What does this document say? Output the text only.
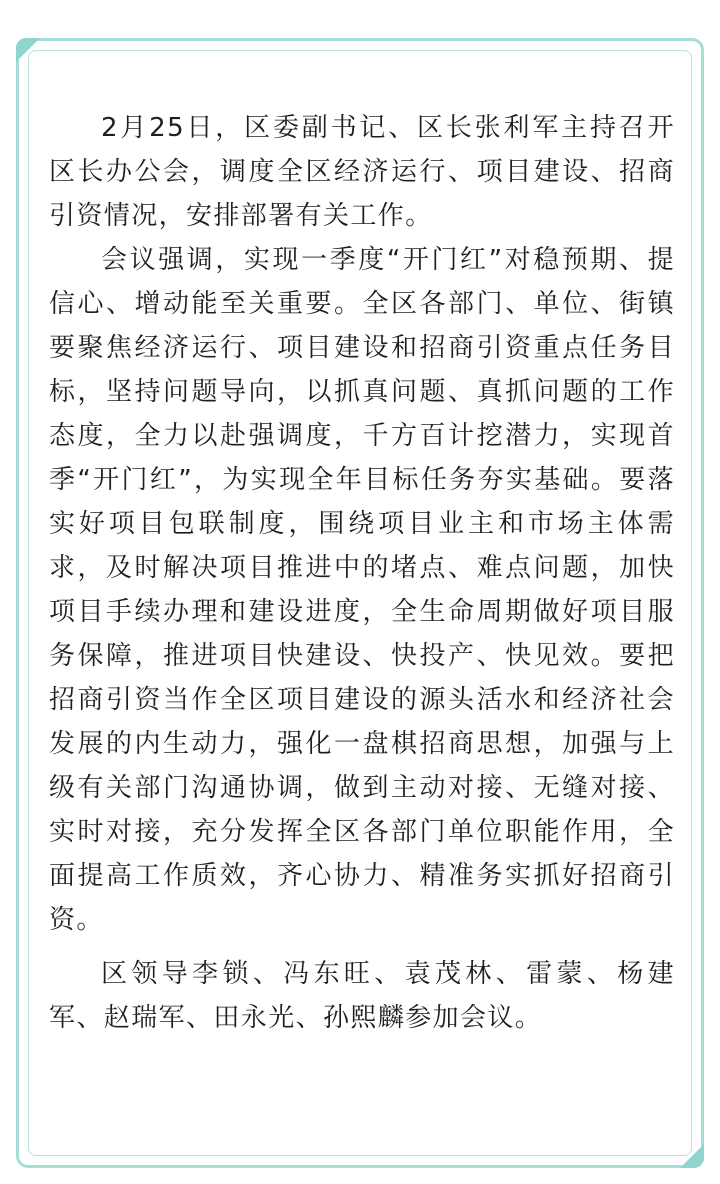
2月25日，区委副书记、区长张利军主持召开区长办公会，调度全区经济运行、项目建设、招商引资情况，安排部署有关工作。

会议强调，实现一季度“开门红”对稳预期、提信心、增动能至关重要。全区各部门、单位、街镇要聚焦经济运行、项目建设和招商引资重点任务目标，坚持问题导向，以抓真问题、真抓问题的工作态度，全力以赴强调度，千方百计挖潜力，实现首季“开门红”，为实现全年目标任务夯实基础。要落实好项目包联制度，围绕项目业主和市场主体需求，及时解决项目推进中的堵点、难点问题，加快项目手续办理和建设进度，全生命周期做好项目服务保障，推进项目快建设、快投产、快见效。要把招商引资当作全区项目建设的源头活水和经济社会发展的内生动力，强化一盘棋招商思想，加强与上级有关部门沟通协调，做到主动对接、无缝对接、实时对接，充分发挥全区各部门单位职能作用，全面提高工作质效，齐心协力、精准务实抓好招商引资。

区领导李锁、冯东旺、袁茂林、雷蒙、杨建军、赵瑞军、田永光、孙熙麟参加会议。
